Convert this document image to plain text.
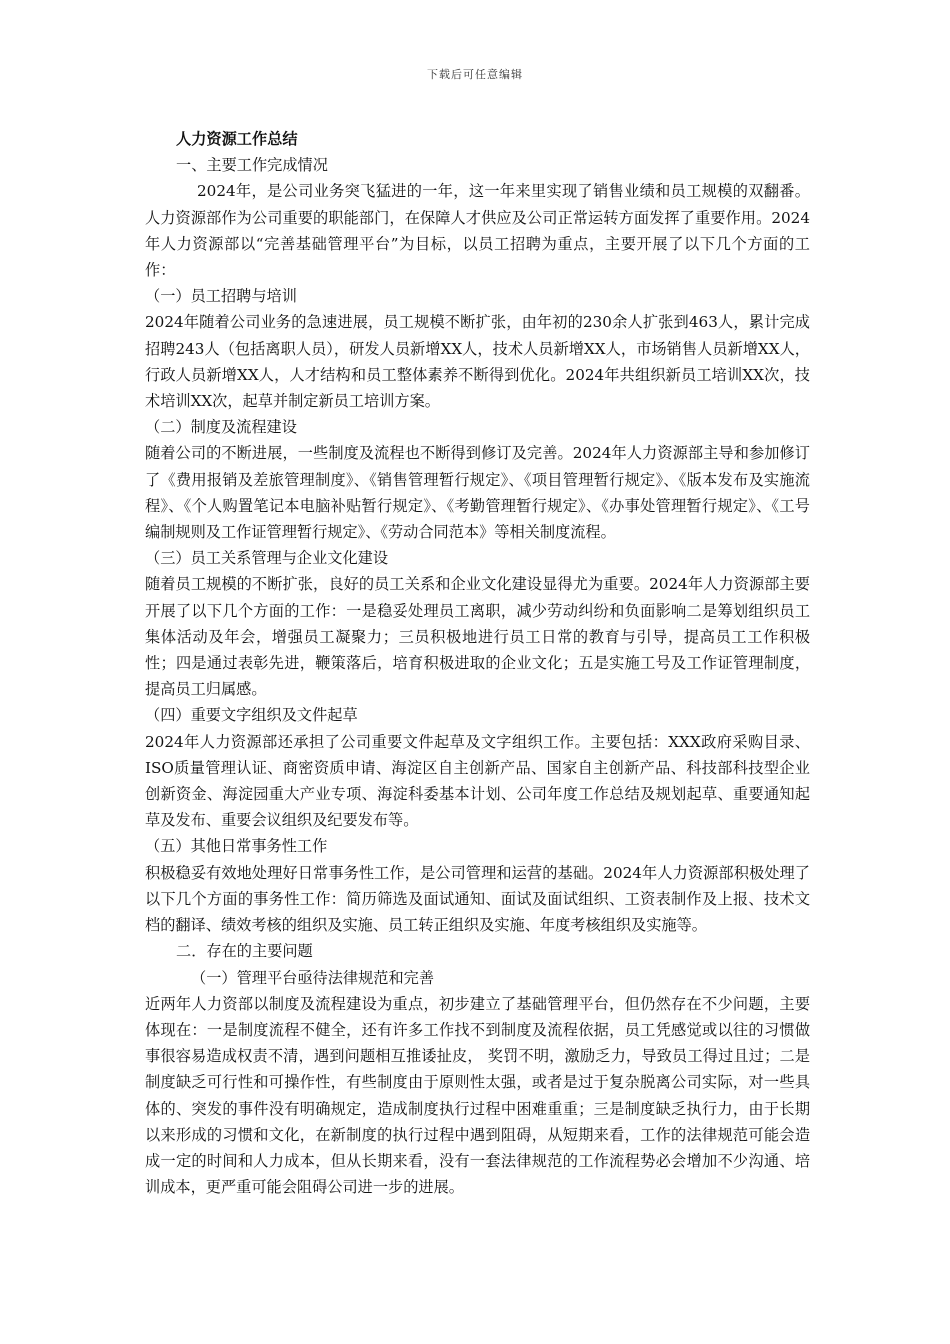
下载后可任意编辑

人力资源工作总结

一、主要工作完成情况

2024年，是公司业务突飞猛进的一年，这一年来里实现了销售业绩和员工规模的双翻番。人力资源部作为公司重要的职能部门，在保障人才供应及公司正常运转方面发挥了重要作用。2024年人力资源部以“完善基础管理平台”为目标，以员工招聘为重点，主要开展了以下几个方面的工作：

（一）员工招聘与培训

2024年随着公司业务的急速进展，员工规模不断扩张，由年初的230余人扩张到463人，累计完成招聘243人（包括离职人员），研发人员新增XX人，技术人员新增XX人，市场销售人员新增XX人，行政人员新增XX人，人才结构和员工整体素养不断得到优化。2024年共组织新员工培训XX次，技术培训XX次，起草并制定新员工培训方案。

（二）制度及流程建设

随着公司的不断进展，一些制度及流程也不断得到修订及完善。2024年人力资源部主导和参加修订了《费用报销及差旅管理制度》、《销售管理暂行规定》、《项目管理暂行规定》、《版本发布及实施流程》、《个人购置笔记本电脑补贴暂行规定》、《考勤管理暂行规定》、《办事处管理暂行规定》、《工号编制规则及工作证管理暂行规定》、《劳动合同范本》等相关制度流程。

（三）员工关系管理与企业文化建设

随着员工规模的不断扩张，良好的员工关系和企业文化建设显得尤为重要。2024年人力资源部主要开展了以下几个方面的工作：一是稳妥处理员工离职，减少劳动纠纷和负面影响二是筹划组织员工集体活动及年会，增强员工凝聚力；三员积极地进行员工日常的教育与引导，提高员工工作积极性；四是通过表彰先进，鞭策落后，培育积极进取的企业文化；五是实施工号及工作证管理制度，提高员工归属感。

（四）重要文字组织及文件起草

2024年人力资源部还承担了公司重要文件起草及文字组织工作。主要包括：XXX政府采购目录、ISO质量管理认证、商密资质申请、海淀区自主创新产品、国家自主创新产品、科技部科技型企业创新资金、海淀园重大产业专项、海淀科委基本计划、公司年度工作总结及规划起草、重要通知起草及发布、重要会议组织及纪要发布等。

（五）其他日常事务性工作

积极稳妥有效地处理好日常事务性工作，是公司管理和运营的基础。2024年人力资源部积极处理了以下几个方面的事务性工作：简历筛选及面试通知、面试及面试组织、工资表制作及上报、技术文档的翻译、绩效考核的组织及实施、员工转正组织及实施、年度考核组织及实施等。

二．存在的主要问题

（一）管理平台亟待法律规范和完善

近两年人力资部以制度及流程建设为重点，初步建立了基础管理平台，但仍然存在不少问题，主要体现在：一是制度流程不健全，还有许多工作找不到制度及流程依据，员工凭感觉或以往的习惯做事很容易造成权责不清，遇到问题相互推诿扯皮， 奖罚不明，激励乏力，导致员工得过且过；二是制度缺乏可行性和可操作性，有些制度由于原则性太强，或者是过于复杂脱离公司实际，对一些具体的、突发的事件没有明确规定，造成制度执行过程中困难重重；三是制度缺乏执行力，由于长期以来形成的习惯和文化，在新制度的执行过程中遇到阻碍，从短期来看，工作的法律规范可能会造成一定的时间和人力成本，但从长期来看，没有一套法律规范的工作流程势必会增加不少沟通、培训成本，更严重可能会阻碍公司进一步的进展。
